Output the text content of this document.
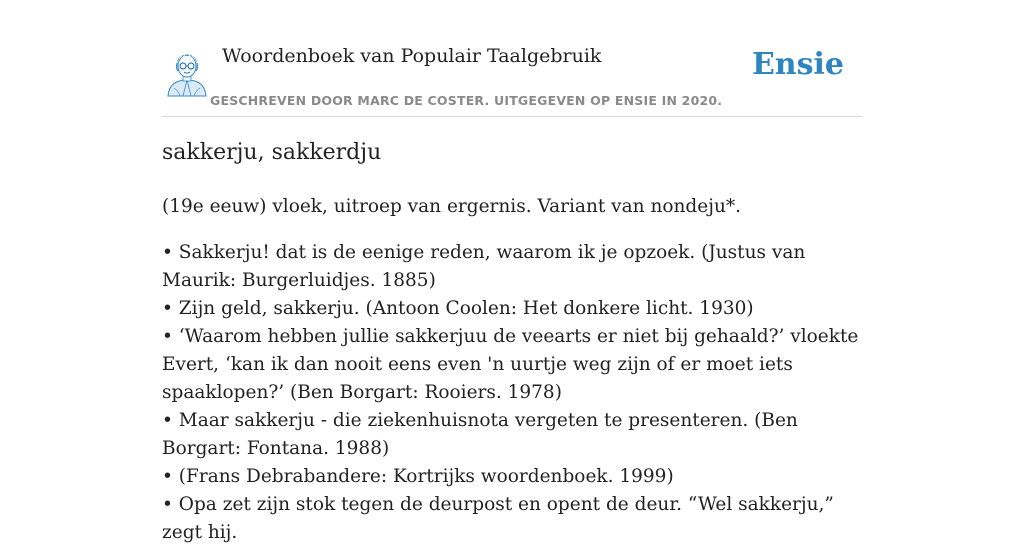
Woordenboek van Populair Taalgebruik
GESCHREVEN DOOR MARC DE COSTER. UITGEGEVEN OP ENSIE IN 2020.
Ensie
sakkerju, sakkerdju

(19e eeuw) vloek, uitroep van ergernis. Variant van nondeju*.

• Sakkerju! dat is de eenige reden, waarom ik je opzoek. (Justus van Maurik: Burgerluidjes. 1885)
• Zijn geld, sakkerju. (Antoon Coolen: Het donkere licht. 1930)
• ‘Waarom hebben jullie sakkerjuu de veearts er niet bij gehaald?’ vloekte Evert, ‘kan ik dan nooit eens even 'n uurtje weg zijn of er moet iets spaaklopen?’ (Ben Borgart: Rooiers. 1978)
• Maar sakkerju - die ziekenhuisnota vergeten te presenteren. (Ben Borgart: Fontana. 1988)
• (Frans Debrabandere: Kortrijks woordenboek. 1999)
• Opa zet zijn stok tegen de deurpost en opent de deur. “Wel sakkerju,” zegt hij.
